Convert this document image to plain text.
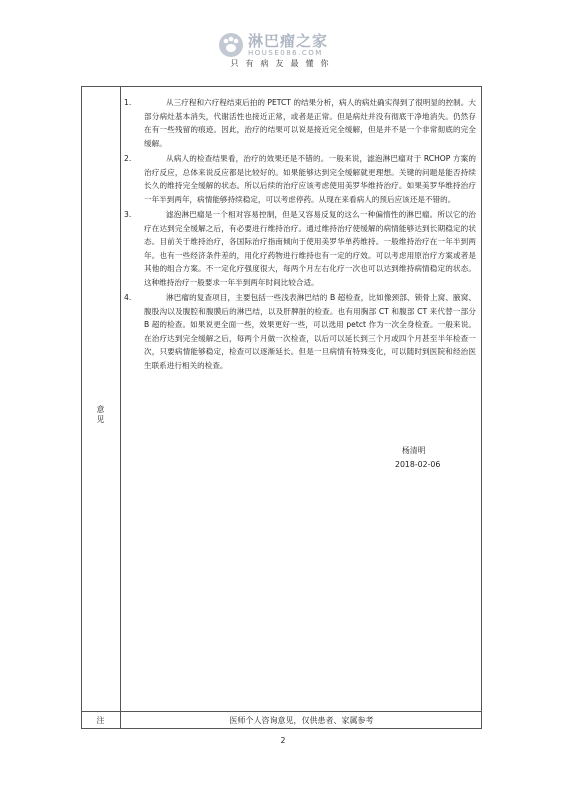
淋巴瘤之家
HOUSE086.COM
只有病友最懂你
意见
1.	从三疗程和六疗程结束后拍的 PETCT 的结果分析，病人的病灶确实得到了很明显的控制。大部分病灶基本消失，代谢活性也接近正常，或者是正常。但是病灶并没有彻底干净地消失。仍然存在有一些残留的痕迹。因此，治疗的结果可以说是接近完全缓解，但是并不是一个非常彻底的完全缓解。
2.	从病人的检查结果看，治疗的效果还是不错的。一般来说，滤泡淋巴瘤对于 RCHOP 方案的治疗反应，总体来说反应都是比较好的。如果能够达到完全缓解就更理想。关键的问题是能否持续长久的维持完全缓解的状态。所以后续的治疗应该考虑使用美罗华维持治疗。如果美罗华维持治疗一年半到两年，病情能够持续稳定，可以考虑停药。从现在来看病人的预后应该还是不错的。
3.	滤泡淋巴瘤是一个相对容易控制，但是又容易反复的这么一种偏惰性的淋巴瘤。所以它的治疗在达到完全缓解之后，有必要进行维持治疗。通过维持治疗使缓解的病情能够达到长期稳定的状态。目前关于维持治疗，各国际治疗指南倾向于使用美罗华单药维持。一般维持治疗在一年半到两年。也有一些经济条件差的，用化疗药物进行维持也有一定的疗效。可以考虑用原治疗方案或者是其他的组合方案。不一定化疗强度很大，每两个月左右化疗一次也可以达到维持病情稳定的状态。这种维持治疗一般要求一年半到两年时间比较合适。
4.	淋巴瘤的复查项目，主要包括一些浅表淋巴结的 B 超检查，比如像颈部、锁骨上窝、腋窝、腹股沟以及腹腔和腹膜后的淋巴结，以及肝脾脏的检查。也有用胸部 CT 和腹部 CT 来代替一部分 B 超的检查。如果说更全面一些，效果更好一些，可以选用 petct 作为一次全身检查。一般来说。在治疗达到完全缓解之后，每两个月做一次检查，以后可以延长到三个月或四个月甚至半年检查一次，只要病情能够稳定，检查可以逐渐延长。但是一旦病情有特殊变化，可以随时到医院和经治医生联系进行相关的检查。
杨清明
2018-02-06
注	医师个人咨询意见，仅供患者、家属参考
2
